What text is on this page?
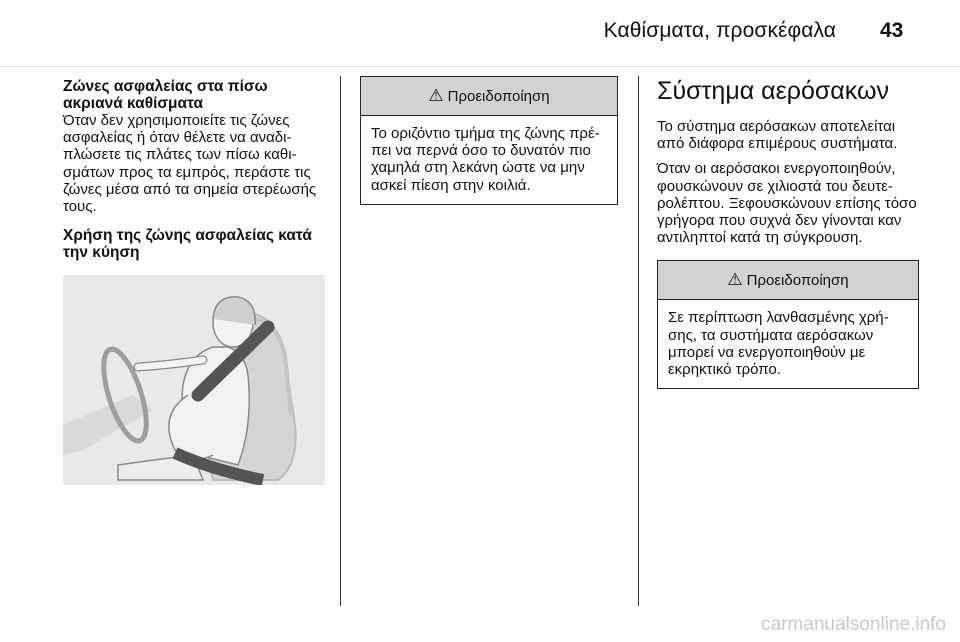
Καθίσματα, προσκέφαλα 43

Ζώνες ασφαλείας στα πίσω ακριανά καθίσματα

Όταν δεν χρησιμοποιείτε τις ζώνες ασφαλείας ή όταν θέλετε να αναδι-πλώσετε τις πλάτες των πίσω καθι-σμάτων προς τα εμπρός, περάστε τις ζώνες μέσα από τα σημεία στερέωσής τους.

Χρήση της ζώνης ασφαλείας κατά την κύηση

⚠ Προειδοποίηση
Το οριζόντιο τμήμα της ζώνης πρέ-πει να περνά όσο το δυνατόν πιο χαμηλά στη λεκάνη ώστε να μην ασκεί πίεση στην κοιλιά.
Σύστημα αερόσακων

Το σύστημα αερόσακων αποτελείται από διάφορα επιμέρους συστήματα.

Όταν οι αερόσακοι ενεργοποιηθούν, φουσκώνουν σε χιλιοστά του δευτε-ρολέπτου. Ξεφουσκώνουν επίσης τόσο γρήγορα που συχνά δεν γίνονται καν αντιληπτοί κατά τη σύγκρουση.

⚠ Προειδοποίηση
Σε περίπτωση λανθασμένης χρή-σης, τα συστήματα αερόσακων μπορεί να ενεργοποιηθούν με εκρηκτικό τρόπο.
carmanualsonline.info
